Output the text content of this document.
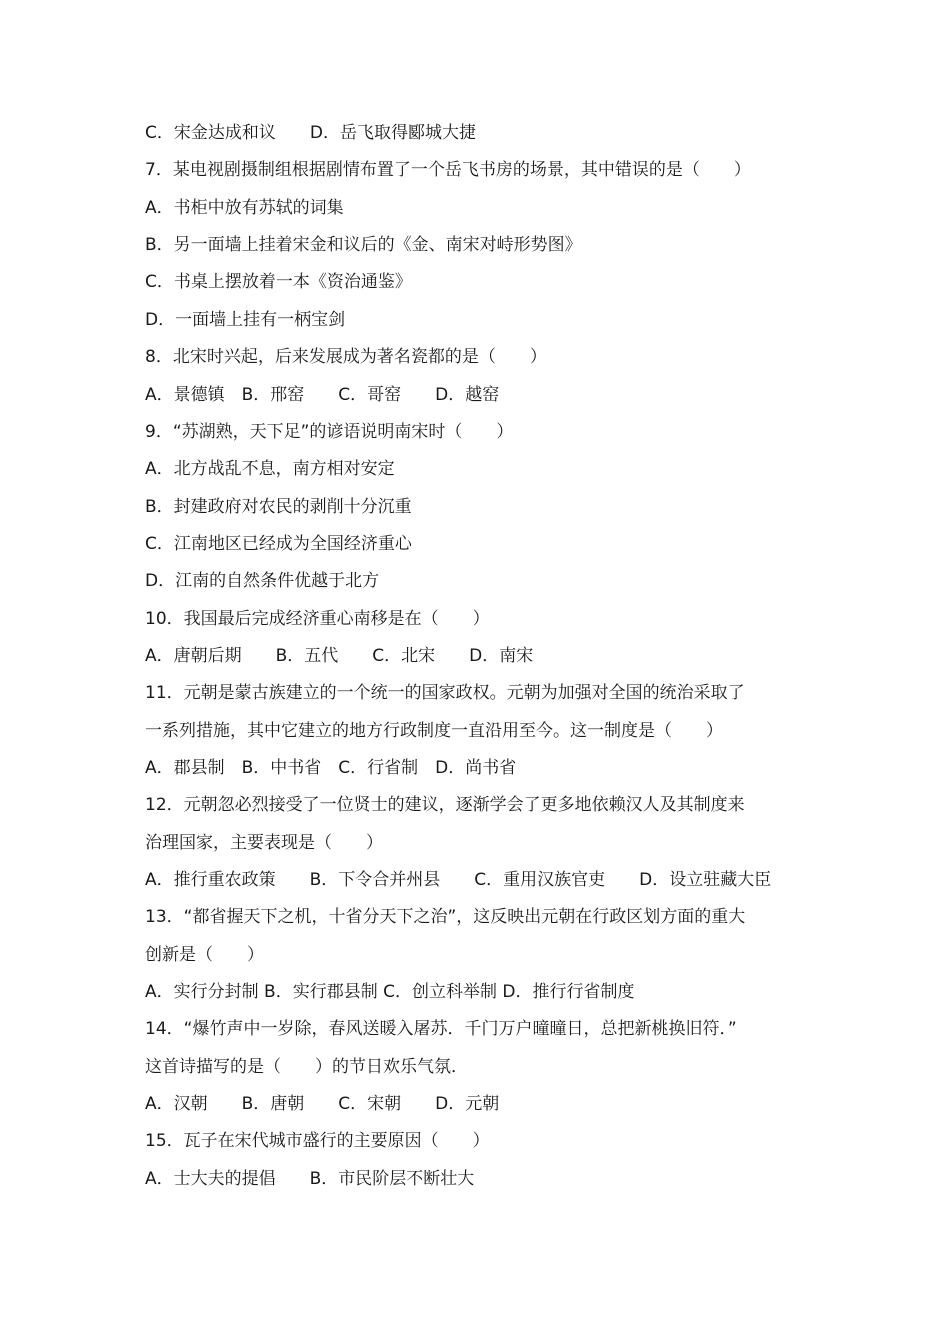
C．宋金达成和议　　D．岳飞取得郾城大捷
7．某电视剧摄制组根据剧情布置了一个岳飞书房的场景，其中错误的是（　　）
A．书柜中放有苏轼的词集
B．另一面墙上挂着宋金和议后的《金、南宋对峙形势图》
C．书桌上摆放着一本《资治通鉴》
D．一面墙上挂有一柄宝剑
8．北宋时兴起，后来发展成为著名瓷都的是（　　）
A．景德镇　B．邢窑　　C．哥窑　　D．越窑
9．“苏湖熟，天下足”的谚语说明南宋时（　　）
A．北方战乱不息，南方相对安定
B．封建政府对农民的剥削十分沉重
C．江南地区已经成为全国经济重心
D．江南的自然条件优越于北方
10．我国最后完成经济重心南移是在（　　）
A．唐朝后期　　B．五代　　C．北宋　　D．南宋
11．元朝是蒙古族建立的一个统一的国家政权。元朝为加强对全国的统治采取了
一系列措施，其中它建立的地方行政制度一直沿用至今。这一制度是（　　）
A．郡县制　B．中书省　C．行省制　D．尚书省
12．元朝忽必烈接受了一位贤士的建议，逐渐学会了更多地依赖汉人及其制度来
治理国家，主要表现是（　　）
A．推行重农政策　　B．下令合并州县　　C．重用汉族官吏　　D．设立驻藏大臣
13．“都省握天下之机，十省分天下之治”，这反映出元朝在行政区划方面的重大
创新是（　　）
A．实行分封制 B．实行郡县制 C．创立科举制 D．推行行省制度
14．“爆竹声中一岁除，春风送暖入屠苏．千门万户曈曈日，总把新桃换旧符．”
这首诗描写的是（　　）的节日欢乐气氛．
A．汉朝　　B．唐朝　　C．宋朝　　D．元朝
15．瓦子在宋代城市盛行的主要原因（　　）
A．士大夫的提倡　　B．市民阶层不断壮大
